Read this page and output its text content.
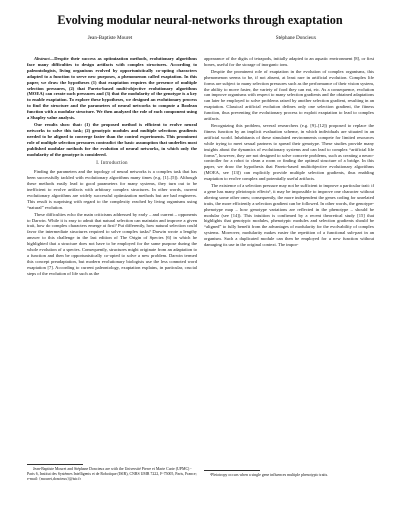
Evolving modular neural-networks through exaptation
Jean-Baptiste Mouret	Stéphane Doncieux

Abstract—Despite their success as optimization methods, evolutionary algorithms face many difficulties to design artifacts with complex structures. According to paleontologists, living organisms evolved by opportunistically co-opting characters adapted to a function to serve new purposes, a phenomenon called exaptation. In this paper, we draw the hypotheses (1) that exaptation requires the presence of multiple selection pressures, (2) that Pareto-based multi-objective evolutionary algorithms (MOEA) can create such pressures and (3) that the modularity of the genotype is a key to enable exaptation. To explore these hypotheses, we designed an evolutionary process to find the structure and the parameters of neural networks to compute a Boolean function with a modular structure. We then analyzed the role of each component using a Shapley value analysis.

Our results show that: (1) the proposed method is efficient to evolve neural networks to solve this task; (2) genotypic modules and multiple selections gradients needed to be aligned to converge faster than the control experiments. This prominent role of multiple selection pressures contradict the basic assumption that underlies most published modular methods for the evolution of neural networks, in which only the modularity of the genotype is considered.

I. Introduction

Finding the parameters and the topology of neural networks is a complex task that has been successfully tackled with evolutionary algorithms many times (e.g. [1]–[5]). Although these methods easily lead to good parameters for many systems, they turn out to be inefficient to evolve artifacts with arbitrary complex structures. In other words, current evolutionary algorithms are widely successful optimization methods but are bad engineers. This result is surprising with regard to the complexity reached by living organisms using “natural” evolution.

These difficulties echo the main criticisms addressed by early – and current – opponents to Darwin. While it is easy to admit that natural selection can maintain and improve a given trait, how do complex characters emerge at first? Put differently, how natural selection could favor the intermediate structures required to solve complex tasks? Darwin wrote a lengthy answer to this challenge in the last edition of The Origin of Species [6] in which he highlighted that a structure does not have to be employed for the same purpose during the whole evolution of a species. Consequently, structures might originate from an adaptation to a function and then be opportunistically co-opted to solve a new problem. Darwin termed this concept preadaptation, but modern evolutionary biologists use the less connoted word exaptation [7]. According to current paleontology, exaptation explains, in particular, crucial steps of the evolution of life such as the

Jean-Baptiste Mouret and Stéphane Doncieux are with the Université Pierre et Marie Curie (UPMC) - Paris 6, Institut des Systèmes Intelligents et de Robotique (ISIR), CNRS UMR 7222, F-75005, Paris, France; e-mail: {mouret,doncieux}@isir.fr

appearance of the digits of tetrapods, initially adapted to an aquatic environment [8], or first bones, useful for the storage of inorganic ions.

Despite the prominent role of exaptation in the evolution of complex organisms, this phenomenon seems to be, if not absent, at least rare in artificial evolution. Complex life forms are subject to many selection pressures such as the performance of their vision system, the ability to move faster, the variety of food they can eat, etc. As a consequence, evolution can improve organisms with respect to many selection gradients and the obtained adaptations can later be employed to solve problems raised by another selection gradient, resulting in an exaptation. Classical artificial evolution defines only one selection gradient, the fitness function, thus preventing the evolutionary process to exploit exaptation to lead to complex artifacts.

Recognizing this problem, several researchers (e.g. [9]–[12]) proposed to replace the fitness function by an implicit evaluation scheme, in which individuals are situated in an artificial world. Inhabitants of these simulated environments compete for limited resources while trying to meet sexual partners to spread their genotype. These studies provide many insights about the dynamics of evolutionary systems and can lead to complex “artificial life forms”, however, they are not designed to solve concrete problems, such as creating a neuro-controller for a robot to clean a room or finding the optimal structure of a bridge. In this paper, we draw the hypothesis that Pareto-based multiobjective evolutionary algorithms (MOEA, see [13]) can explicitly provide multiple selection gradients, thus enabling exaptation to evolve complex and potentially useful artifacts.

The existence of a selection pressure may not be sufficient to improve a particular trait: if a gene has many pleiotropic effects¹, it may be impossible to improve one character without altering some other ones; consequently, the more independent the genes coding for unrelated traits, the more efficiently a selection gradient can be followed. In other words, the genotype-phenotype map – how genotype variations are reflected in the phenotype – should be modular (see [14]). This intuition is confirmed by a recent theoretical study [15] that highlights that genotypic modules, phenotypic modules and selection gradients should be “aligned” to fully benefit from the advantages of modularity for the evolvability of complex systems. Moreover, modularity makes easier the repetition of a functional sub-part in an organism. Such a duplicated module can then be employed for a new function without damaging its use in the original context. The impor-

¹Pleiotropy occurs when a single gene influences multiple phenotypic traits.
